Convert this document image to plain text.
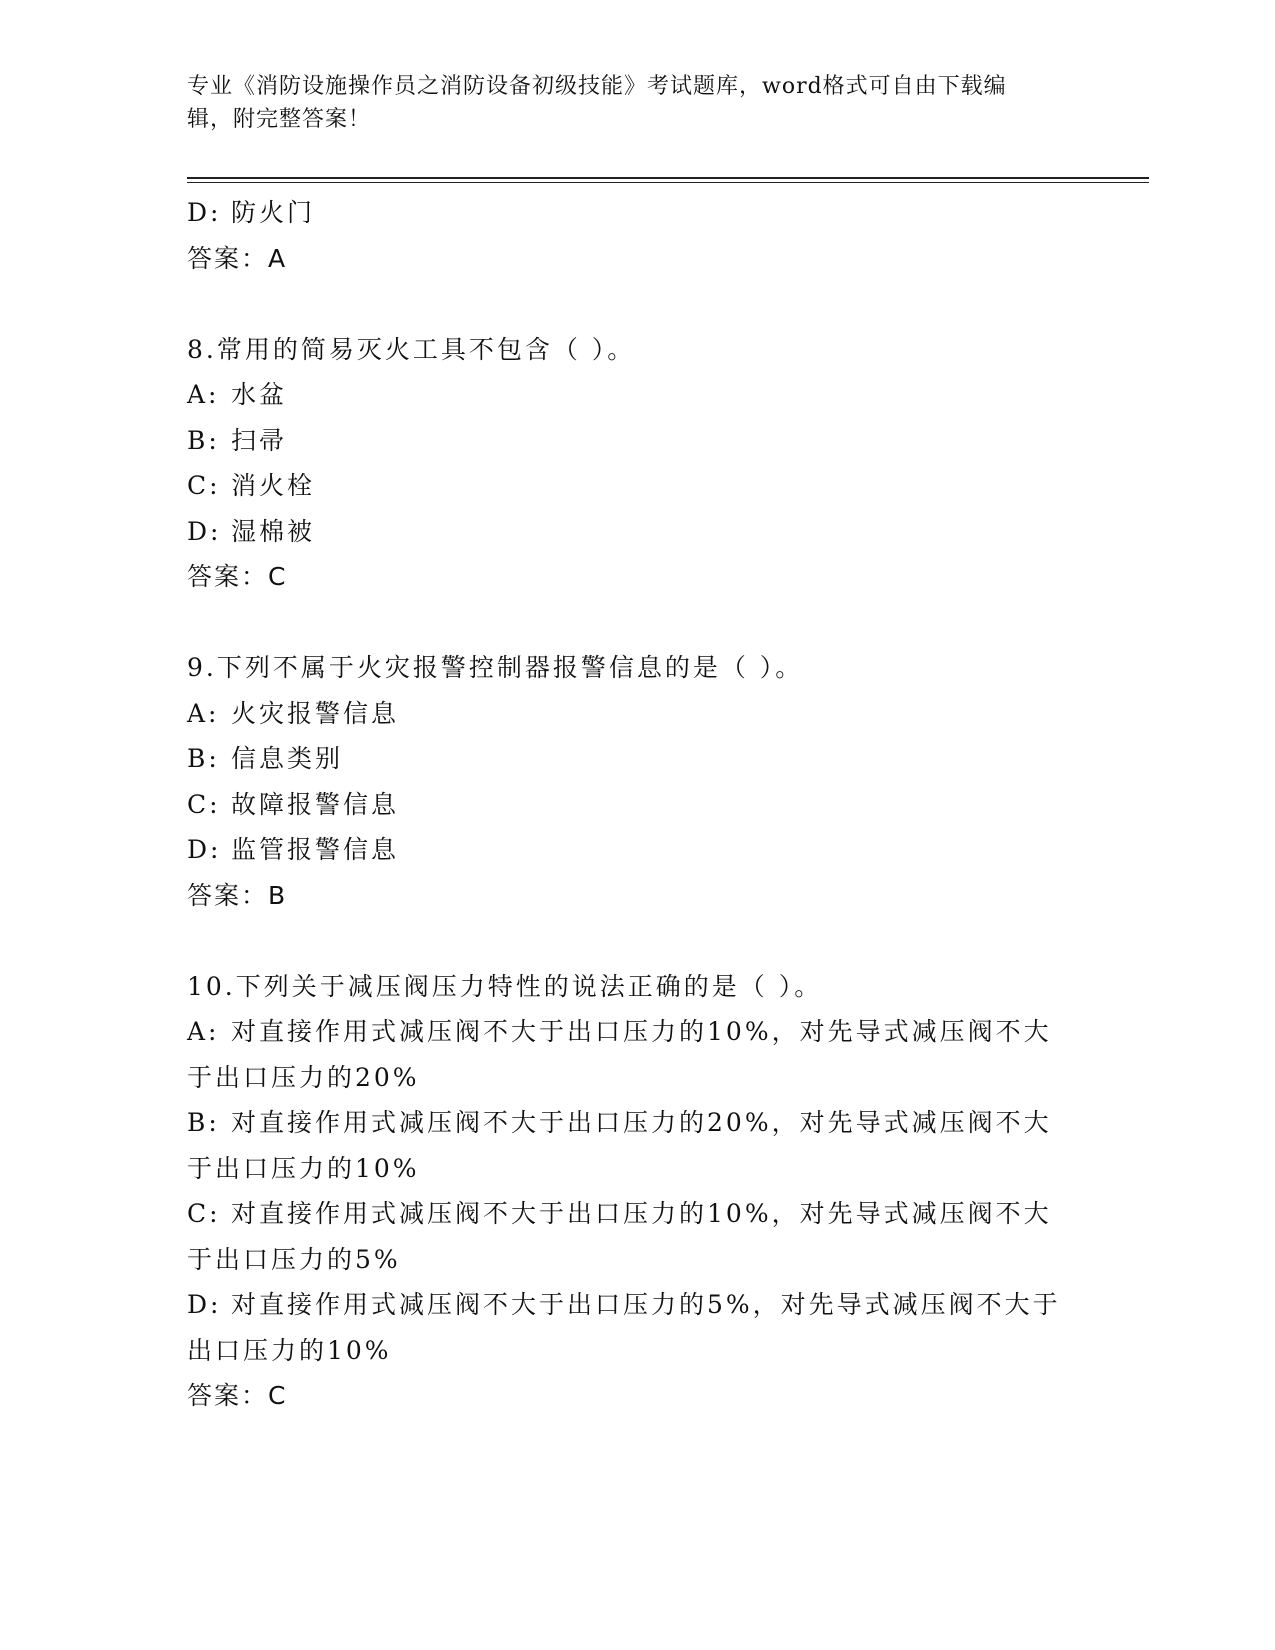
专业《消防设施操作员之消防设备初级技能》考试题库，word格式可自由下载编
辑，附完整答案！
D: 防火门
答案：A
8.常用的简易灭火工具不包含（ ）。
A: 水盆
B: 扫帚
C: 消火栓
D: 湿棉被
答案：C
9.下列不属于火灾报警控制器报警信息的是（ ）。
A: 火灾报警信息
B: 信息类别
C: 故障报警信息
D: 监管报警信息
答案：B
10.下列关于减压阀压力特性的说法正确的是（ ）。
A: 对直接作用式减压阀不大于出口压力的10%，对先导式减压阀不大
于出口压力的20%
B: 对直接作用式减压阀不大于出口压力的20%，对先导式减压阀不大
于出口压力的10%
C: 对直接作用式减压阀不大于出口压力的10%，对先导式减压阀不大
于出口压力的5%
D: 对直接作用式减压阀不大于出口压力的5%，对先导式减压阀不大于
出口压力的10%
答案：C
